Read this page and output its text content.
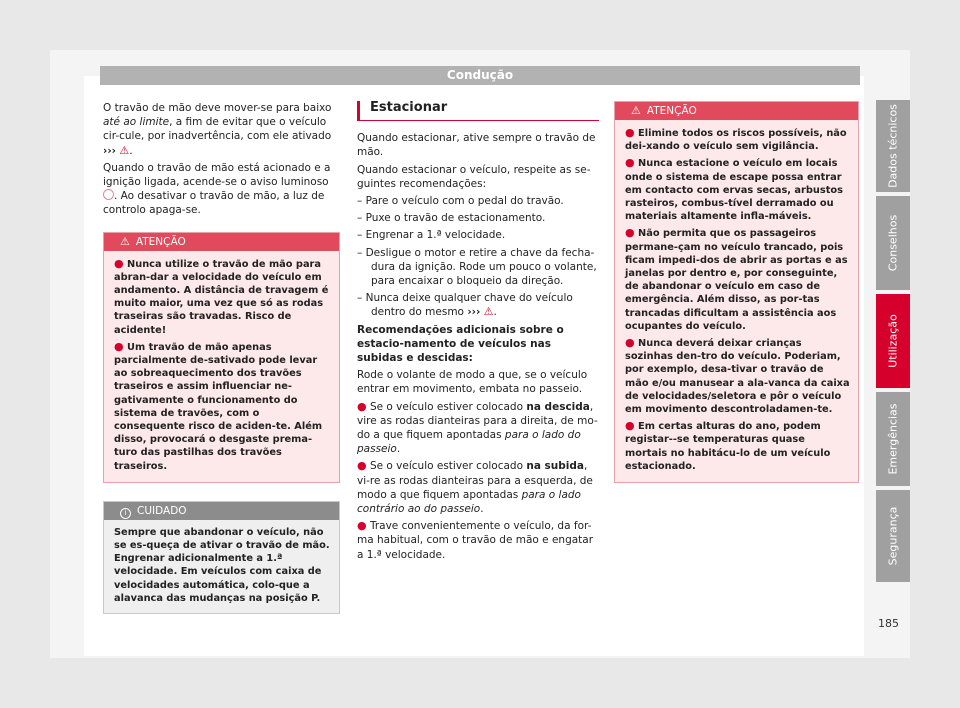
Condução

O travão de mão deve mover-se para baixo até ao limite, a fim de evitar que o veículo cir-cule, por inadvertência, com ele ativado ››› ⚠.

Quando o travão de mão está acionado e a ignição ligada, acende-se o aviso luminoso . Ao desativar o travão de mão, a luz de controlo apaga-se.

⚠ ATENÇÃO
● Nunca utilize o travão de mão para abran-dar a velocidade do veículo em andamento. A distância de travagem é muito maior, uma vez que só as rodas traseiras são travadas. Risco de acidente!
● Um travão de mão apenas parcialmente de-sativado pode levar ao sobreaquecimento dos travões traseiros e assim influenciar ne-gativamente o funcionamento do sistema de travões, com o consequente risco de aciden-te. Além disso, provocará o desgaste prema-turo das pastilhas dos travões traseiros.
i CUIDADO
Sempre que abandonar o veículo, não se es-queça de ativar o travão de mão. Engrenar adicionalmente a 1.ª velocidade. Em veículos com caixa de velocidades automática, colo-que a alavanca das mudanças na posição P.
Estacionar

Quando estacionar, ative sempre o travão de mão.

Quando estacionar o veículo, respeite as se-guintes recomendações:

– Pare o veículo com o pedal do travão.
– Puxe o travão de estacionamento.
– Engrenar a 1.ª velocidade.
– Desligue o motor e retire a chave da fecha-dura da ignição. Rode um pouco o volante, para encaixar o bloqueio da direção.
– Nunca deixe qualquer chave do veículo dentro do mesmo ››› ⚠.

Recomendações adicionais sobre o estacio-namento de veículos nas subidas e descidas:

Rode o volante de modo a que, se o veículo entrar em movimento, embata no passeio.

● Se o veículo estiver colocado na descida, vire as rodas dianteiras para a direita, de mo-do a que fiquem apontadas para o lado do passeio.

● Se o veículo estiver colocado na subida, vi-re as rodas dianteiras para a esquerda, de modo a que fiquem apontadas para o lado contrário ao do passeio.

● Trave convenientemente o veículo, da for-ma habitual, com o travão de mão e engatar a 1.ª velocidade.

⚠ ATENÇÃO
● Elimine todos os riscos possíveis, não dei-xando o veículo sem vigilância.
● Nunca estacione o veículo em locais onde o sistema de escape possa entrar em contacto com ervas secas, arbustos rasteiros, combus-tível derramado ou materiais altamente infla-máveis.
● Não permita que os passageiros permane-çam no veículo trancado, pois ficam impedi-dos de abrir as portas e as janelas por dentro e, por conseguinte, de abandonar o veículo em caso de emergência. Além disso, as por-tas trancadas dificultam a assistência aos ocupantes do veículo.
● Nunca deverá deixar crianças sozinhas den-tro do veículo. Poderiam, por exemplo, desa-tivar o travão de mão e/ou manusear a ala-vanca da caixa de velocidades/seletora e pôr o veículo em movimento descontroladamen-te.
● Em certas alturas do ano, podem registar--se temperaturas quase mortais no habitácu-lo de um veículo estacionado.
Dados técnicos
Conselhos
Utilização
Emergências
Segurança
185
